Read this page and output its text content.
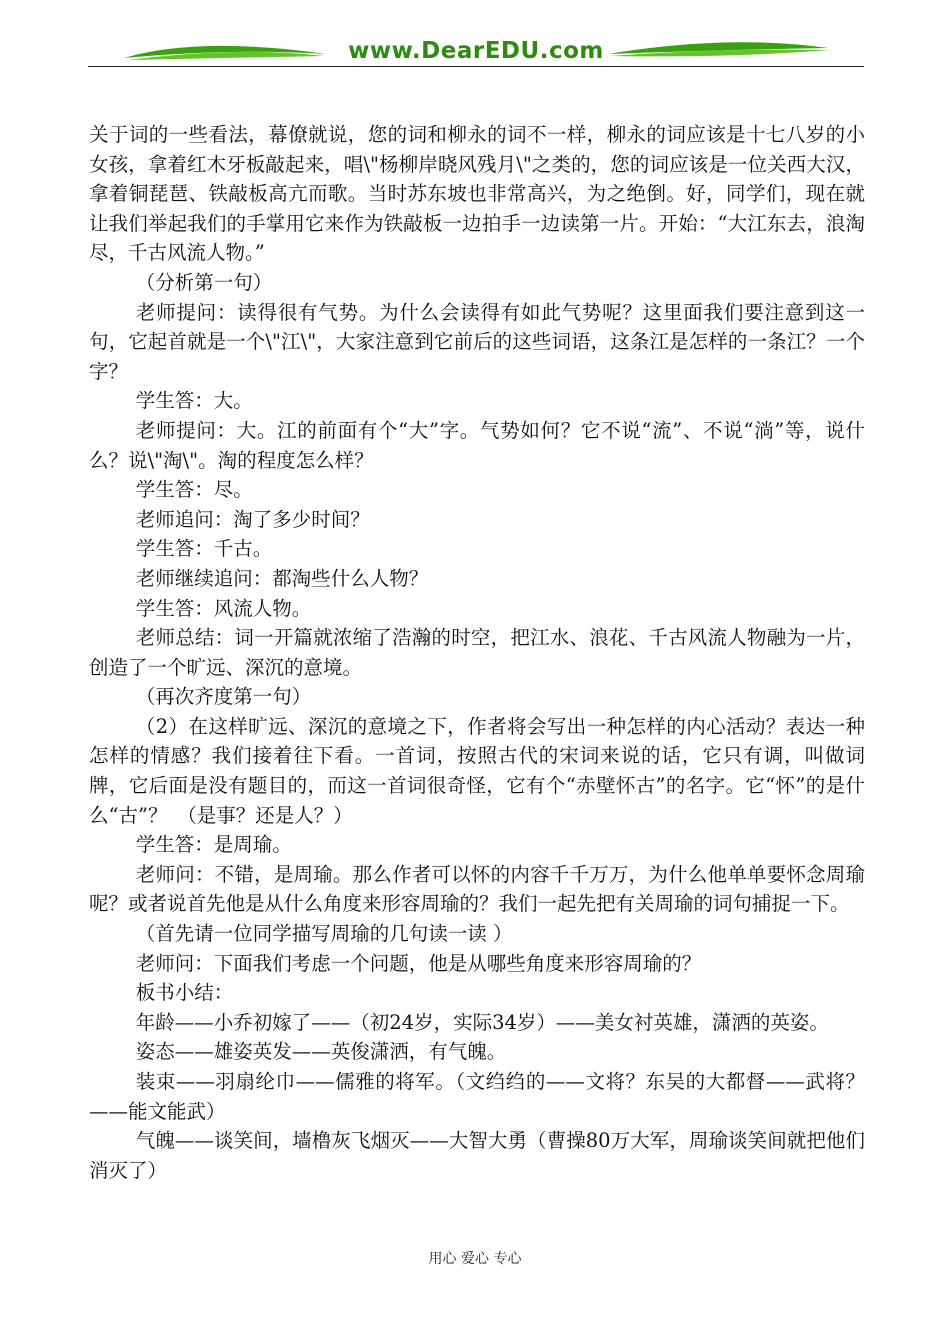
www.DearEDU.com

关于词的一些看法，幕僚就说，您的词和柳永的词不一样，柳永的词应该是十七八岁的小女孩，拿着红木牙板敲起来，唱\"杨柳岸晓风残月\"之类的，您的词应该是一位关西大汉，拿着铜琵琶、铁敲板高亢而歌。当时苏东坡也非常高兴，为之绝倒。好，同学们，现在就让我们举起我们的手掌用它来作为铁敲板一边拍手一边读第一片。开始：“大江东去，浪淘尽，千古风流人物。”

（分析第一句）

老师提问：读得很有气势。为什么会读得有如此气势呢？这里面我们要注意到这一句，它起首就是一个\"江\"，大家注意到它前后的这些词语，这条江是怎样的一条江？一个字？

学生答：大。

老师提问：大。江的前面有个“大”字。气势如何？它不说“流”、不说“淌”等，说什么？说\"淘\"。淘的程度怎么样？

学生答：尽。

老师追问：淘了多少时间？

学生答：千古。

老师继续追问：都淘些什么人物？

学生答：风流人物。

老师总结：词一开篇就浓缩了浩瀚的时空，把江水、浪花、千古风流人物融为一片，创造了一个旷远、深沉的意境。

（再次齐度第一句）

（2）在这样旷远、深沉的意境之下，作者将会写出一种怎样的内心活动？表达一种怎样的情感？我们接着往下看。一首词，按照古代的宋词来说的话，它只有调，叫做词牌，它后面是没有题目的，而这一首词很奇怪，它有个“赤壁怀古”的名字。它“怀”的是什么“古”？　（是事？还是人？）

学生答：是周瑜。

老师问：不错，是周瑜。那么作者可以怀的内容千千万万，为什么他单单要怀念周瑜呢？或者说首先他是从什么角度来形容周瑜的？我们一起先把有关周瑜的词句捕捉一下。

（首先请一位同学描写周瑜的几句读一读 ）

老师问：下面我们考虑一个问题，他是从哪些角度来形容周瑜的？

板书小结：

年龄——小乔初嫁了——（初24岁，实际34岁）——美女衬英雄，潇洒的英姿。

姿态——雄姿英发——英俊潇洒，有气魄。

装束——羽扇纶巾——儒雅的将军。（文绉绉的——文将？东吴的大都督——武将？——能文能武）

气魄——谈笑间，墙橹灰飞烟灭——大智大勇（曹操80万大军，周瑜谈笑间就把他们消灭了）

用心 爱心 专心
